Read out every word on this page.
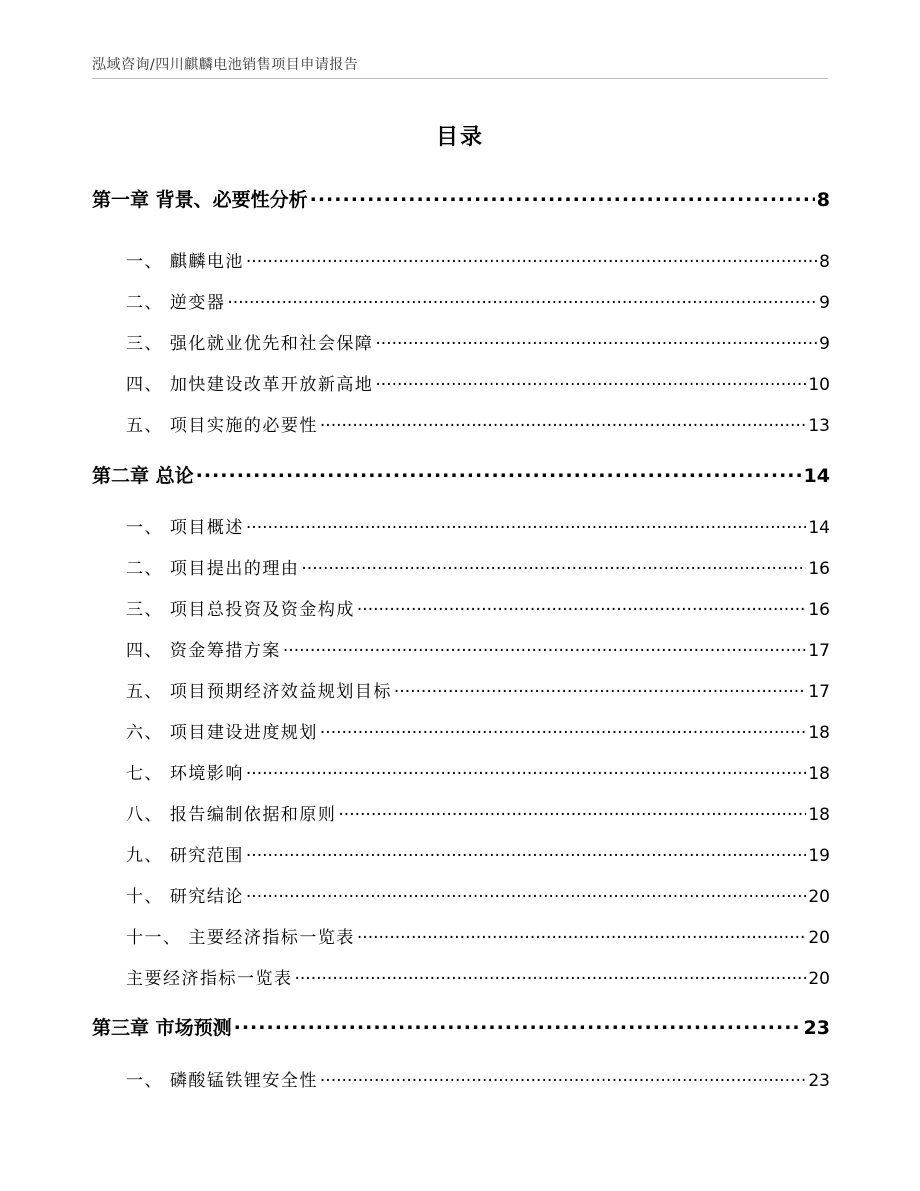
泓域咨询/四川麒麟电池销售项目申请报告
目录
第一章 背景、必要性分析 .....	8
一、 麒麟电池 .....	8
二、 逆变器 .....	9
三、 强化就业优先和社会保障 .....	9
四、 加快建设改革开放新高地 .....	10
五、 项目实施的必要性 .....	13
第二章 总论 .....	14
一、 项目概述 .....	14
二、 项目提出的理由 .....	16
三、 项目总投资及资金构成 .....	16
四、 资金筹措方案 .....	17
五、 项目预期经济效益规划目标 .....	17
六、 项目建设进度规划 .....	18
七、 环境影响 .....	18
八、 报告编制依据和原则 .....	18
九、 研究范围 .....	19
十、 研究结论 .....	20
十一、 主要经济指标一览表 .....	20
主要经济指标一览表 .....	20
第三章 市场预测 .....	23
一、 磷酸锰铁锂安全性 .....	23
